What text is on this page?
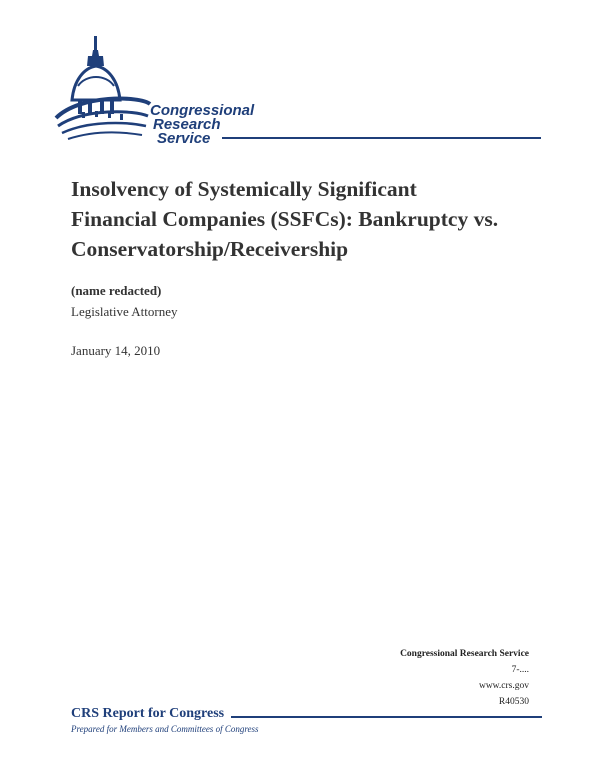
Congressional
Research
Service
Insolvency of Systemically Significant
Financial Companies (SSFCs): Bankruptcy vs.
Conservatorship/Receivership
(name redacted)
Legislative Attorney
January 14, 2010
Congressional Research Service
7-....
www.crs.gov
R40530
CRS Report for Congress
Prepared for Members and Committees of Congress
